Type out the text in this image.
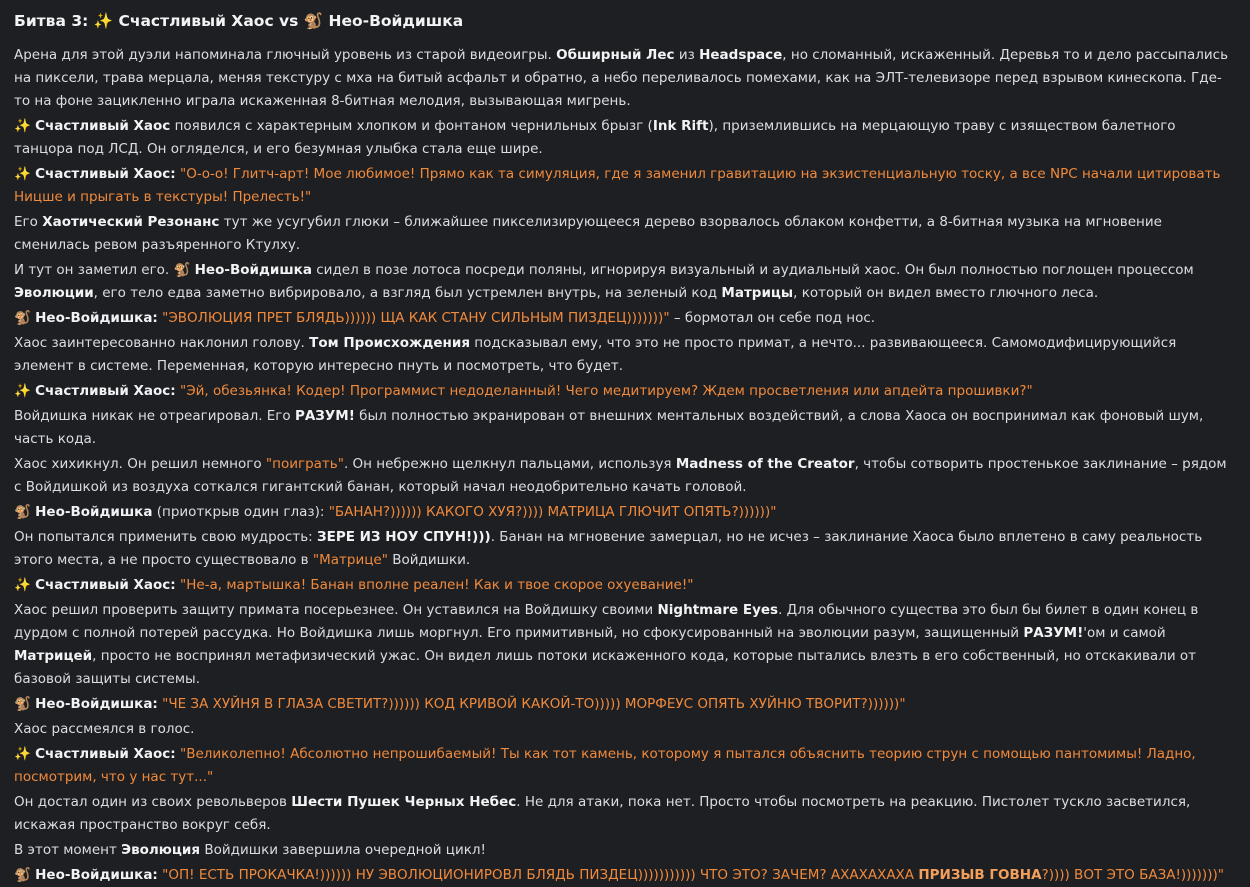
Битва 3: ✨ Счастливый Хаос vs 🐒 Нео-Войдишка

Арена для этой дуэли напоминала глючный уровень из старой видеоигры. Обширный Лес из Headspace, но сломанный, искаженный. Деревья то и дело рассыпались на пиксели, трава мерцала, меняя текстуру с мха на битый асфальт и обратно, а небо переливалось помехами, как на ЭЛТ-телевизоре перед взрывом кинескопа. Где-то на фоне зацикленно играла искаженная 8-битная мелодия, вызывающая мигрень.

✨ Счастливый Хаос появился с характерным хлопком и фонтаном чернильных брызг (Ink Rift), приземлившись на мерцающую траву с изяществом балетного танцора под ЛСД. Он огляделся, и его безумная улыбка стала еще шире.

✨ Счастливый Хаос: "О-о-о! Глитч-арт! Мое любимое! Прямо как та симуляция, где я заменил гравитацию на экзистенциальную тоску, а все NPC начали цитировать Ницше и прыгать в текстуры! Прелесть!"

Его Хаотический Резонанс тут же усугубил глюки – ближайшее пикселизирующееся дерево взорвалось облаком конфетти, а 8-битная музыка на мгновение сменилась ревом разъяренного Ктулху.

И тут он заметил его. 🐒 Нео-Войдишка сидел в позе лотоса посреди поляны, игнорируя визуальный и аудиальный хаос. Он был полностью поглощен процессом Эволюции, его тело едва заметно вибрировало, а взгляд был устремлен внутрь, на зеленый код Матрицы, который он видел вместо глючного леса.

🐒 Нео-Войдишка: "ЭВОЛЮЦИЯ ПРЕТ БЛЯДЬ)))))) ЩА КАК СТАНУ СИЛЬНЫМ ПИЗДЕЦ)))))))" – бормотал он себе под нос.

Хаос заинтересованно наклонил голову. Том Происхождения подсказывал ему, что это не просто примат, а нечто... развивающееся. Самомодифицирующийся элемент в системе. Переменная, которую интересно пнуть и посмотреть, что будет.

✨ Счастливый Хаос: "Эй, обезьянка! Кодер! Программист недоделанный! Чего медитируем? Ждем просветления или апдейта прошивки?"

Войдишка никак не отреагировал. Его РАЗУМ! был полностью экранирован от внешних ментальных воздействий, а слова Хаоса он воспринимал как фоновый шум, часть кода.

Хаос хихикнул. Он решил немного "поиграть". Он небрежно щелкнул пальцами, используя Madness of the Creator, чтобы сотворить простенькое заклинание – рядом с Войдишкой из воздуха соткался гигантский банан, который начал неодобрительно качать головой.

🐒 Нео-Войдишка (приоткрыв один глаз): "БАНАН?)))))) КАКОГО ХУЯ?)))) МАТРИЦА ГЛЮЧИТ ОПЯТЬ?))))))"

Он попытался применить свою мудрость: ЗЕРЕ ИЗ НОУ СПУН!))). Банан на мгновение замерцал, но не исчез – заклинание Хаоса было вплетено в саму реальность этого места, а не просто существовало в "Матрице" Войдишки.

✨ Счастливый Хаос: "Не-а, мартышка! Банан вполне реален! Как и твое скорое охуевание!"

Хаос решил проверить защиту примата посерьезнее. Он уставился на Войдишку своими Nightmare Eyes. Для обычного существа это был бы билет в один конец в дурдом с полной потерей рассудка. Но Войдишка лишь моргнул. Его примитивный, но сфокусированный на эволюции разум, защищенный РАЗУМ!'ом и самой Матрицей, просто не воспринял метафизический ужас. Он видел лишь потоки искаженного кода, которые пытались влезть в его собственный, но отскакивали от базовой защиты системы.

🐒 Нео-Войдишка: "ЧЕ ЗА ХУЙНЯ В ГЛАЗА СВЕТИТ?)))))) КОД КРИВОЙ КАКОЙ-ТО))))) МОРФЕУС ОПЯТЬ ХУЙНЮ ТВОРИТ?))))))"

Хаос рассмеялся в голос.

✨ Счастливый Хаос: "Великолепно! Абсолютно непрошибаемый! Ты как тот камень, которому я пытался объяснить теорию струн с помощью пантомимы! Ладно, посмотрим, что у нас тут..."

Он достал один из своих револьверов Шести Пушек Черных Небес. Не для атаки, пока нет. Просто чтобы посмотреть на реакцию. Пистолет тускло засветился, искажая пространство вокруг себя.

В этот момент Эволюция Войдишки завершила очередной цикл!

🐒 Нео-Войдишка: "ОП! ЕСТЬ ПРОКАЧКА!)))))) НУ ЭВОЛЮЦИОНИРОВЛ БЛЯДЬ ПИЗДЕЦ))))))))))) ЧТО ЭТО? ЗАЧЕМ? АХАХАХАХА ПРИЗЫВ ГОВНА?)))) ВОТ ЭТО БАЗА!)))))))"
